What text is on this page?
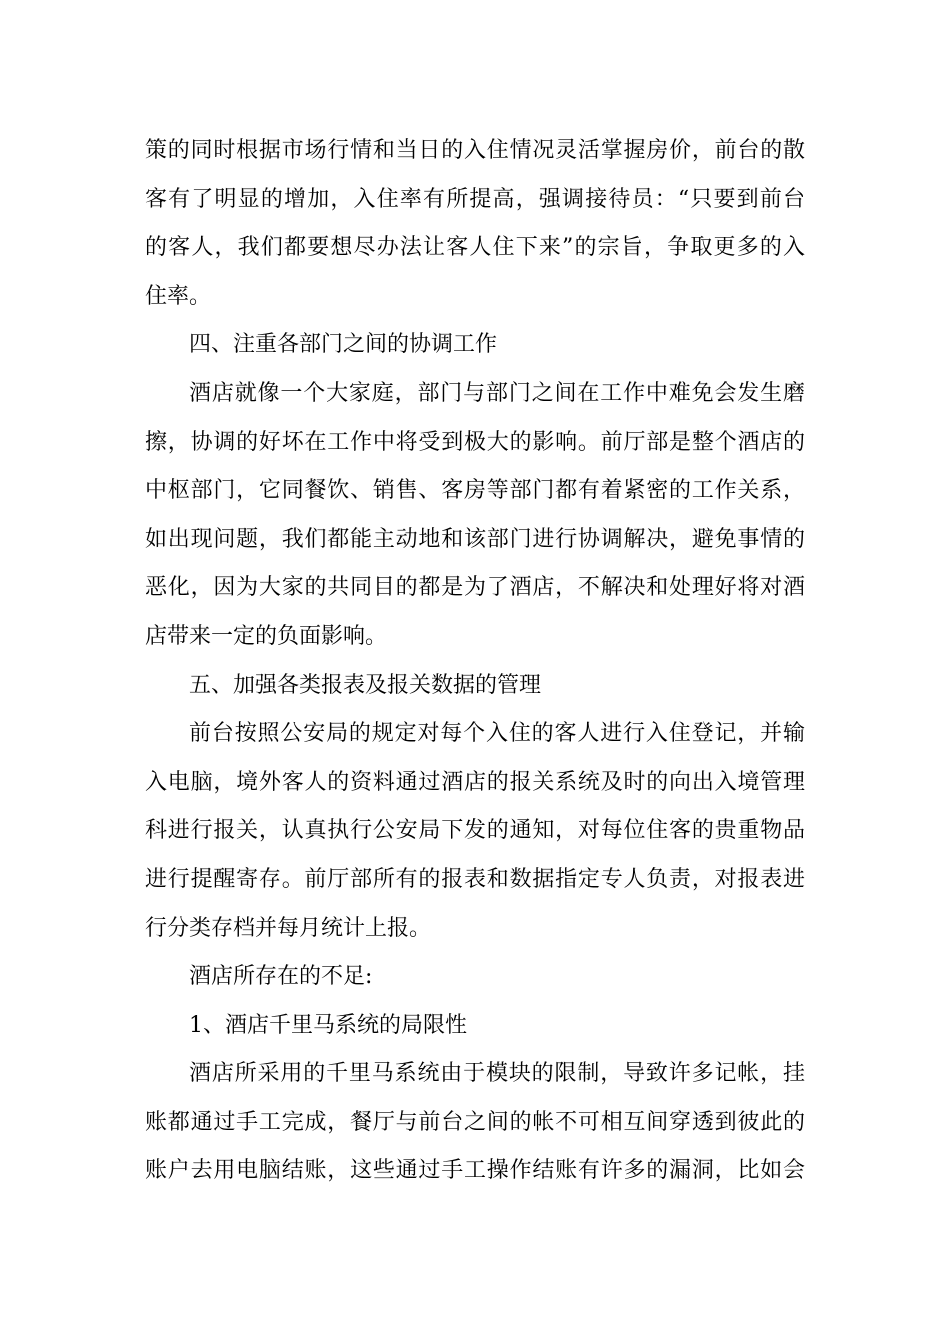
策的同时根据市场行情和当日的入住情况灵活掌握房价，前台的散
客有了明显的增加，入住率有所提高，强调接待员：“只要到前台
的客人，我们都要想尽办法让客人住下来”的宗旨，争取更多的入
住率。
四、注重各部门之间的协调工作
酒店就像一个大家庭，部门与部门之间在工作中难免会发生磨
擦，协调的好坏在工作中将受到极大的影响。前厅部是整个酒店的
中枢部门，它同餐饮、销售、客房等部门都有着紧密的工作关系，
如出现问题，我们都能主动地和该部门进行协调解决，避免事情的
恶化，因为大家的共同目的都是为了酒店，不解决和处理好将对酒
店带来一定的负面影响。
五、加强各类报表及报关数据的管理
前台按照公安局的规定对每个入住的客人进行入住登记，并输
入电脑，境外客人的资料通过酒店的报关系统及时的向出入境管理
科进行报关，认真执行公安局下发的通知，对每位住客的贵重物品
进行提醒寄存。前厅部所有的报表和数据指定专人负责，对报表进
行分类存档并每月统计上报。
酒店所存在的不足:
1、酒店千里马系统的局限性
酒店所采用的千里马系统由于模块的限制，导致许多记帐，挂
账都通过手工完成，餐厅与前台之间的帐不可相互间穿透到彼此的
账户去用电脑结账，这些通过手工操作结账有许多的漏洞，比如会
